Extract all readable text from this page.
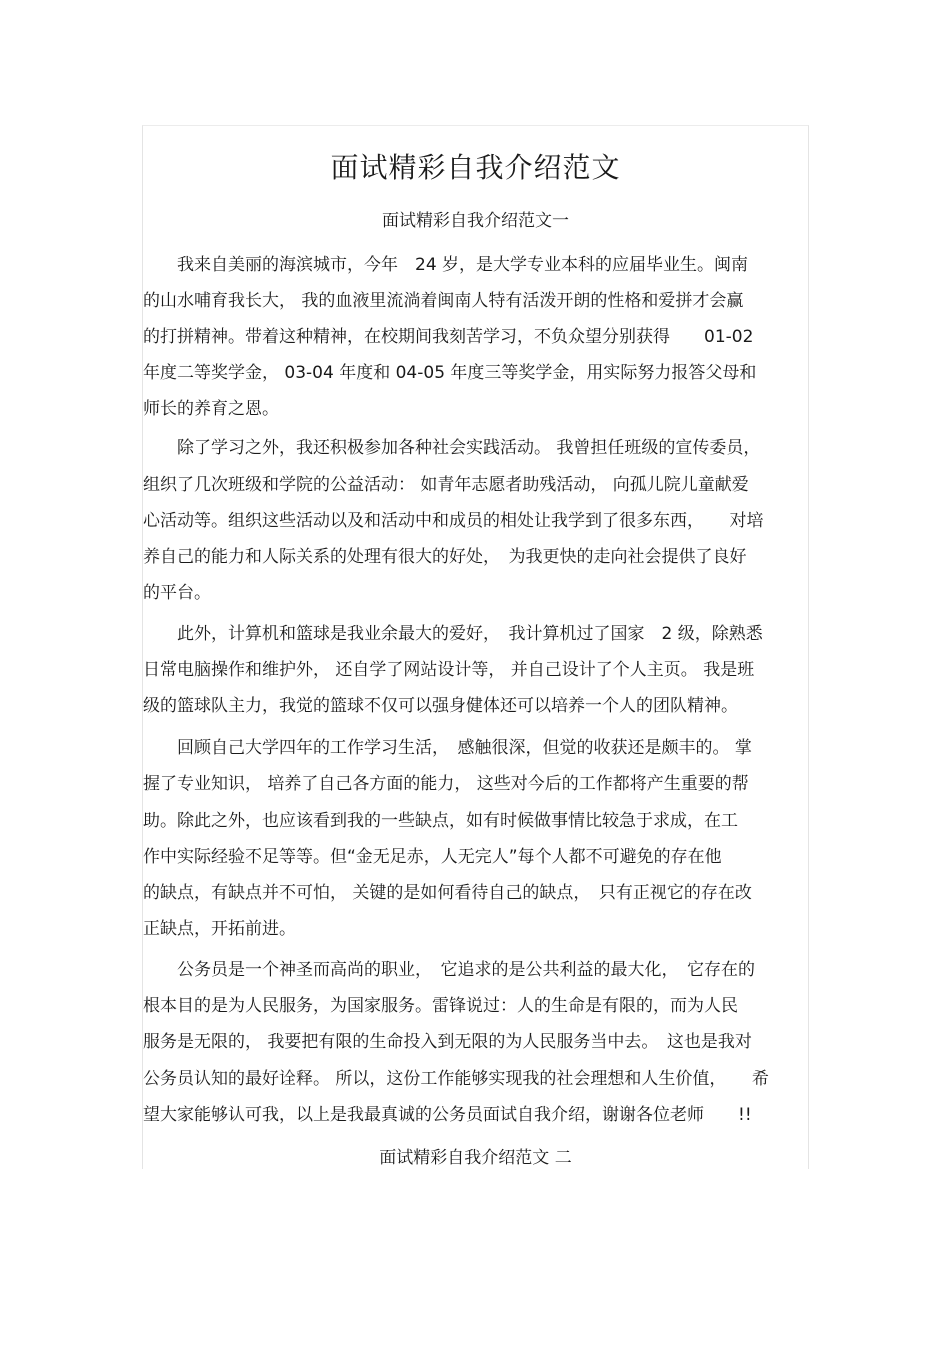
面试精彩自我介绍范文
面试精彩自我介绍范文一
　　我来自美丽的海滨城市，今年　24 岁，是大学专业本科的应届毕业生。闽南
的山水哺育我长大， 我的血液里流淌着闽南人特有活泼开朗的性格和爱拼才会赢
的打拼精神。带着这种精神，在校期间我刻苦学习，不负众望分别获得　　01-02
年度二等奖学金， 03-04 年度和 04-05 年度三等奖学金，用实际努力报答父母和
师长的养育之恩。
　　除了学习之外，我还积极参加各种社会实践活动。 我曾担任班级的宣传委员，
组织了几次班级和学院的公益活动： 如青年志愿者助残活动， 向孤儿院儿童献爱
心活动等。组织这些活动以及和活动中和成员的相处让我学到了很多东西，　　对培
养自己的能力和人际关系的处理有很大的好处，　为我更快的走向社会提供了良好
的平台。
　　此外，计算机和篮球是我业余最大的爱好，　我计算机过了国家　2 级，除熟悉
日常电脑操作和维护外， 还自学了网站设计等， 并自己设计了个人主页。 我是班
级的篮球队主力，我觉的篮球不仅可以强身健体还可以培养一个人的团队精神。
　　回顾自己大学四年的工作学习生活，　感触很深，但觉的收获还是颇丰的。 掌
握了专业知识， 培养了自己各方面的能力， 这些对今后的工作都将产生重要的帮
助。除此之外，也应该看到我的一些缺点，如有时候做事情比较急于求成，在工
作中实际经验不足等等。但“金无足赤，人无完人”每个人都不可避免的存在他
的缺点，有缺点并不可怕， 关键的是如何看待自己的缺点，　只有正视它的存在改
正缺点，开拓前进。
　　公务员是一个神圣而高尚的职业，　它追求的是公共利益的最大化，　它存在的
根本目的是为人民服务，为国家服务。雷锋说过：人的生命是有限的，而为人民
服务是无限的， 我要把有限的生命投入到无限的为人民服务当中去。　这也是我对
公务员认知的最好诠释。 所以，这份工作能够实现我的社会理想和人生价值，　　希
望大家能够认可我，以上是我最真诚的公务员面试自我介绍，谢谢各位老师　　!!
面试精彩自我介绍范文 二
